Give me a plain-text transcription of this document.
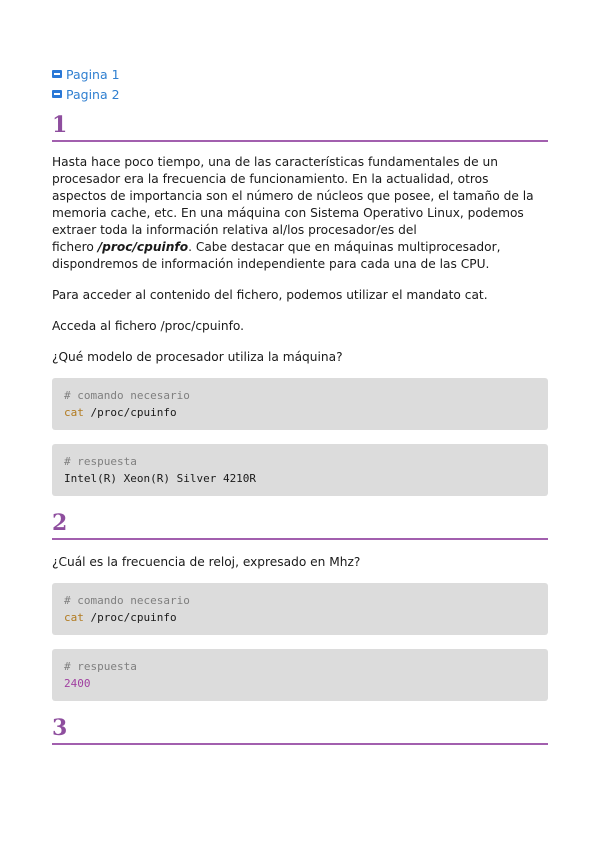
Pagina 1
Pagina 2
1

Hasta hace poco tiempo, una de las características fundamentales de un

procesador era la frecuencia de funcionamiento. En la actualidad, otros

aspectos de importancia son el número de núcleos que posee, el tamaño de la

memoria cache, etc. En una máquina con Sistema Operativo Linux, podemos

extraer toda la información relativa al/los procesador/es del

fichero /proc/cpuinfo. Cabe destacar que en máquinas multiprocesador,

dispondremos de información independiente para cada una de las CPU.

Para acceder al contenido del fichero, podemos utilizar el mandato cat.

Acceda al fichero /proc/cpuinfo.

¿Qué modelo de procesador utiliza la máquina?

# comando necesario
cat /proc/cpuinfo
# respuesta
Intel(R) Xeon(R) Silver 4210R
2

¿Cuál es la frecuencia de reloj, expresado en Mhz?

# comando necesario
cat /proc/cpuinfo
# respuesta
2400
3
